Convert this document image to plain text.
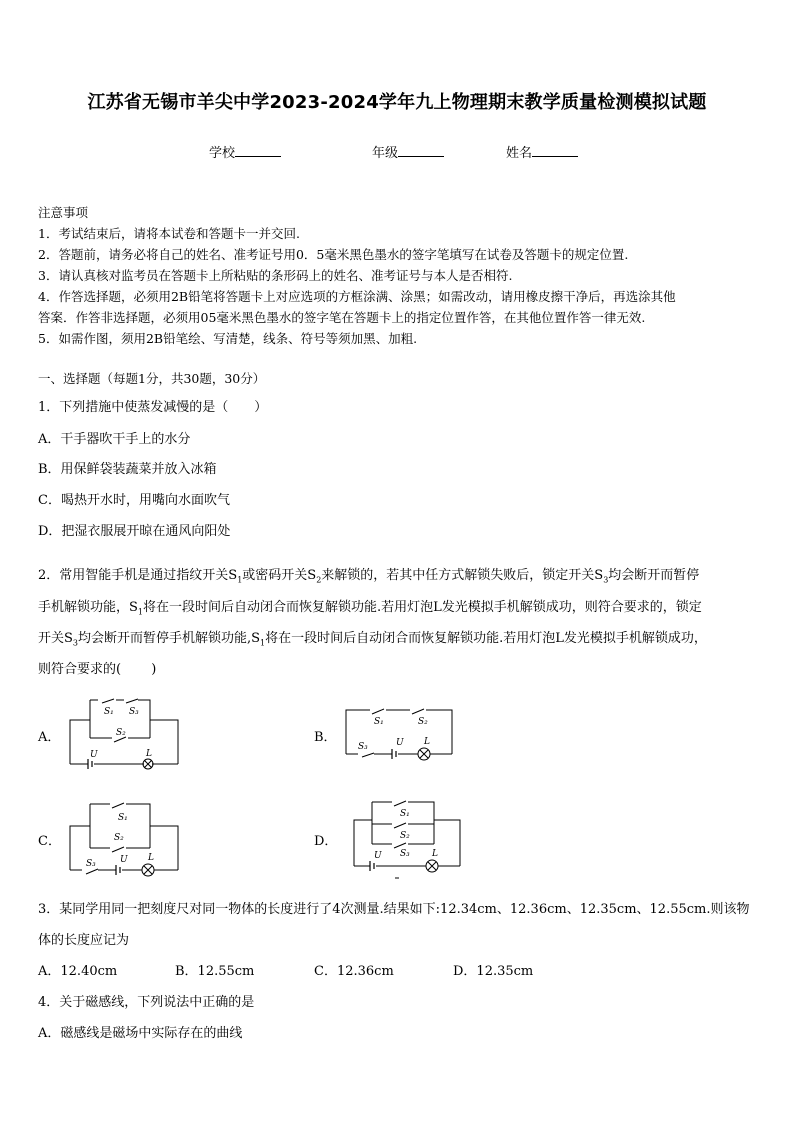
江苏省无锡市羊尖中学2023-2024学年九上物理期末教学质量检测模拟试题
学校	年级	姓名
注意事项
1．考试结束后，请将本试卷和答题卡一并交回.
2．答题前，请务必将自己的姓名、准考证号用0．5毫米黑色墨水的签字笔填写在试卷及答题卡的规定位置.
3．请认真核对监考员在答题卡上所粘贴的条形码上的姓名、准考证号与本人是否相符.
4．作答选择题，必须用2B铅笔将答题卡上对应选项的方框涂满、涂黑；如需改动，请用橡皮擦干净后，再选涂其他
答案．作答非选择题，必须用05毫米黑色墨水的签字笔在答题卡上的指定位置作答，在其他位置作答一律无效.
5．如需作图，须用2B铅笔绘、写清楚，线条、符号等须加黑、加粗.
一、选择题（每题1分，共30题，30分）
1．下列措施中使蒸发减慢的是（　　）
A．干手器吹干手上的水分
B．用保鲜袋装蔬菜并放入冰箱
C．喝热开水时，用嘴向水面吹气
D．把湿衣服展开晾在通风向阳处
2．常用智能手机是通过指纹开关$S_1$或密码开关$S_2$来解锁的，若其中任方式解锁失败后，锁定开关$S_3$均会断开而暂停
手机解锁功能，$S_1$将在一段时间后自动闭合而恢复解锁功能.若用灯泡L发光模拟手机解锁成功，则符合要求的，锁定
开关$S_3$均会断开而暂停手机解锁功能$,S_1$将在一段时间后自动闭合而恢复解锁功能.若用灯泡L发光模拟手机解锁成功，
则符合要求的(　　 )
A．	B．
C．	D．
S₁ S₃
S₂
U	L
S₁	S₂
S₃	U L
S₁
S₂
S₃	U L
S₁
S₂
S₃
U	L
3．某同学用同一把刻度尺对同一物体的长度进行了4次测量.结果如下:12.34cm、12.36cm、12.35cm、12.55cm.则该物
体的长度应记为
A．12.40cm	B．12.55cm	C．12.36cm	D．12.35cm
4．关于磁感线，下列说法中正确的是
A．磁感线是磁场中实际存在的曲线
